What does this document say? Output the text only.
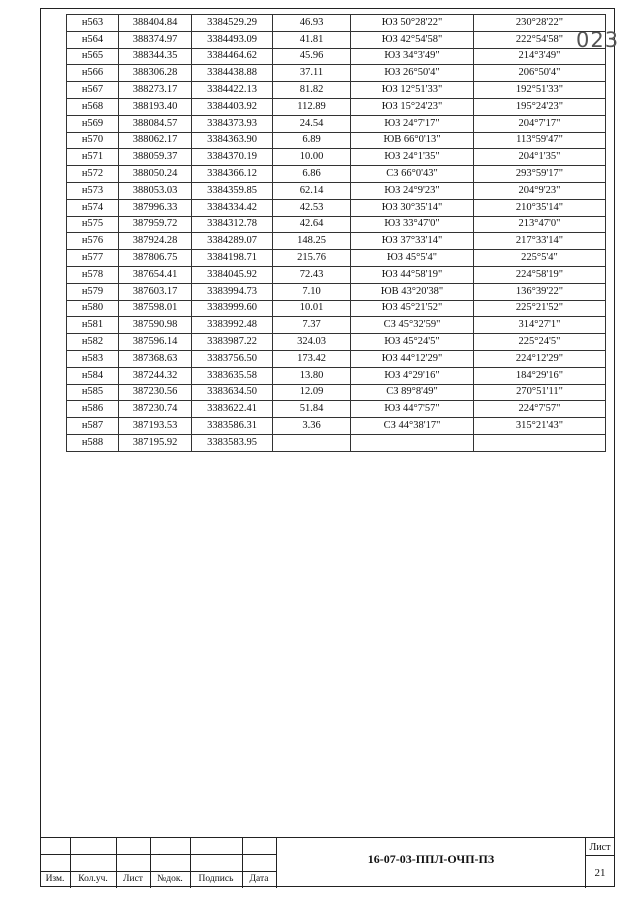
023
н563	388404.84	3384529.29	46.93	ЮЗ 50°28'22"	230°28'22"
н564	388374.97	3384493.09	41.81	ЮЗ 42°54'58"	222°54'58"
н565	388344.35	3384464.62	45.96	ЮЗ 34°3'49"	214°3'49"
н566	388306.28	3384438.88	37.11	ЮЗ 26°50'4"	206°50'4"
н567	388273.17	3384422.13	81.82	ЮЗ 12°51'33"	192°51'33"
н568	388193.40	3384403.92	112.89	ЮЗ 15°24'23"	195°24'23"
н569	388084.57	3384373.93	24.54	ЮЗ 24°7'17"	204°7'17"
н570	388062.17	3384363.90	6.89	ЮВ 66°0'13"	113°59'47"
н571	388059.37	3384370.19	10.00	ЮЗ 24°1'35"	204°1'35"
н572	388050.24	3384366.12	6.86	СЗ 66°0'43"	293°59'17"
н573	388053.03	3384359.85	62.14	ЮЗ 24°9'23"	204°9'23"
н574	387996.33	3384334.42	42.53	ЮЗ 30°35'14"	210°35'14"
н575	387959.72	3384312.78	42.64	ЮЗ 33°47'0"	213°47'0"
н576	387924.28	3384289.07	148.25	ЮЗ 37°33'14"	217°33'14"
н577	387806.75	3384198.71	215.76	ЮЗ 45°5'4"	225°5'4"
н578	387654.41	3384045.92	72.43	ЮЗ 44°58'19"	224°58'19"
н579	387603.17	3383994.73	7.10	ЮВ 43°20'38"	136°39'22"
н580	387598.01	3383999.60	10.01	ЮЗ 45°21'52"	225°21'52"
н581	387590.98	3383992.48	7.37	СЗ 45°32'59"	314°27'1"
н582	387596.14	3383987.22	324.03	ЮЗ 45°24'5"	225°24'5"
н583	387368.63	3383756.50	173.42	ЮЗ 44°12'29"	224°12'29"
н584	387244.32	3383635.58	13.80	ЮЗ 4°29'16"	184°29'16"
н585	387230.56	3383634.50	12.09	СЗ 89°8'49"	270°51'11"
н586	387230.74	3383622.41	51.84	ЮЗ 44°7'57"	224°7'57"
н587	387193.53	3383586.31	3.36	СЗ 44°38'17"	315°21'43"
н588	387195.92	3383583.95			
.
Изм.	Кол.уч.	Лист	№док.	Подпись	Дата
16-07-03-ППЛ-ОЧП-ПЗ
Лист
21
